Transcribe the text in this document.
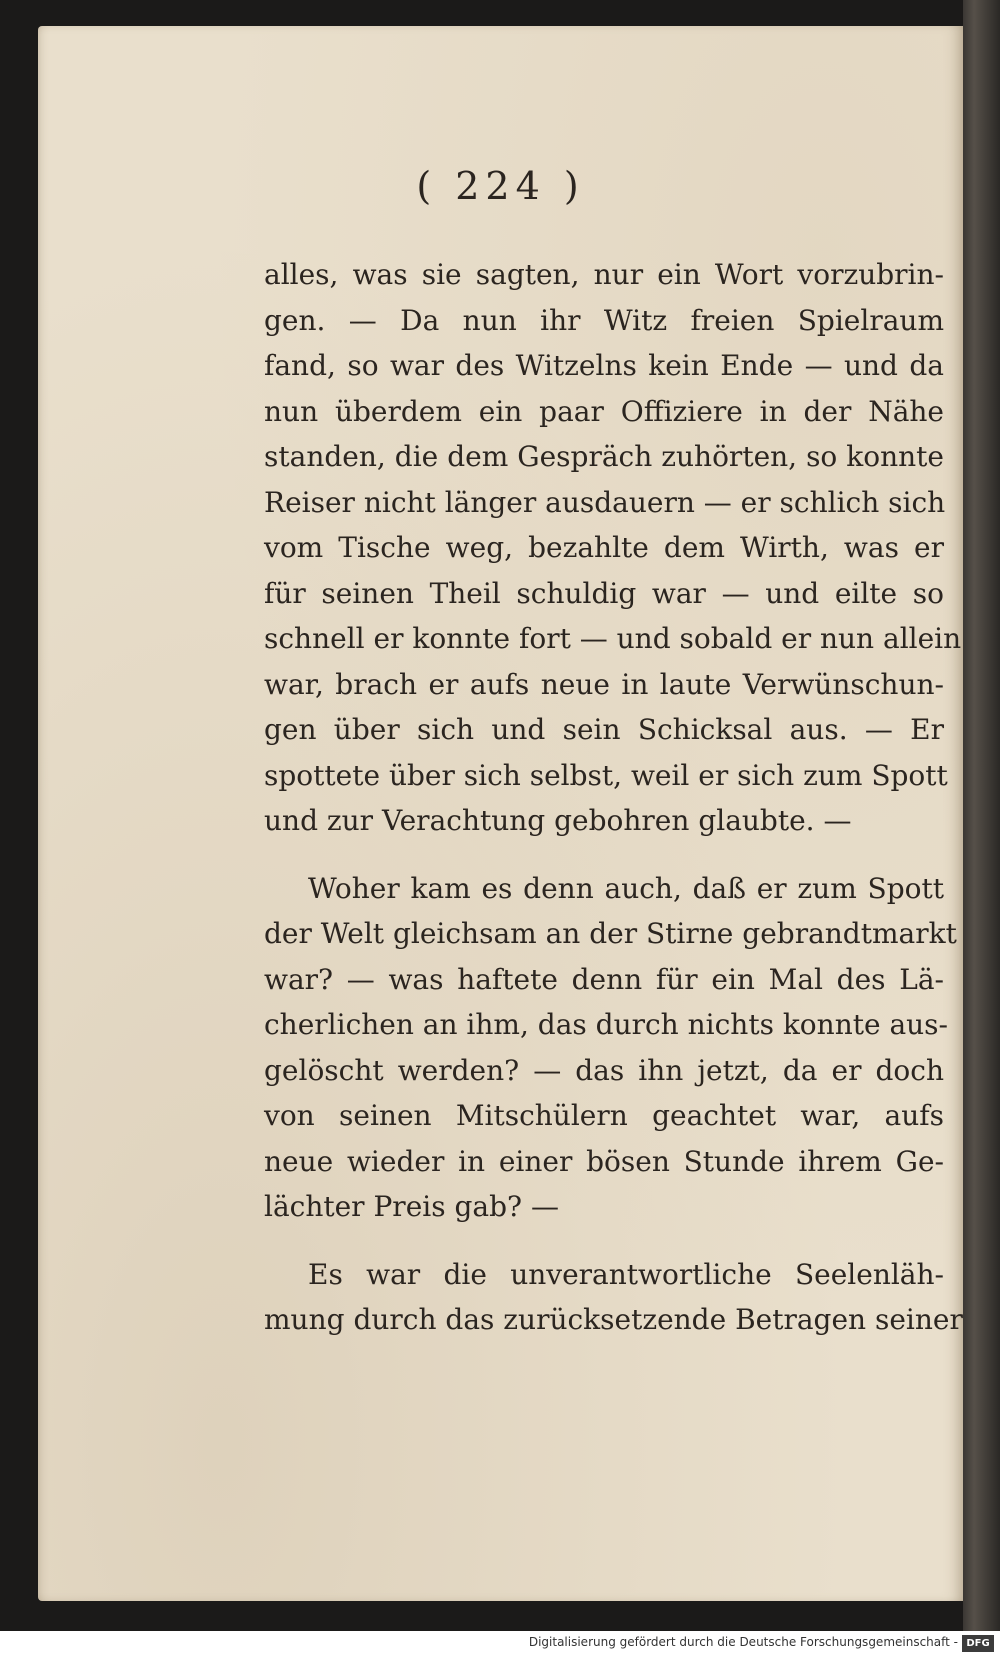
( 224 )

alles, was sie sagten, nur ein Wort vorzubrin-
gen. — Da nun ihr Witz freien Spielraum
fand, so war des Witzelns kein Ende — und da
nun überdem ein paar Offiziere in der Nähe
standen, die dem Gespräch zuhörten, so konnte
Reiser nicht länger ausdauern — er schlich sich
vom Tische weg, bezahlte dem Wirth, was er
für seinen Theil schuldig war — und eilte so
schnell er konnte fort — und sobald er nun allein
war, brach er aufs neue in laute Verwünschun-
gen über sich und sein Schicksal aus. — Er
spottete über sich selbst, weil er sich zum Spott
und zur Verachtung gebohren glaubte. —

Woher kam es denn auch, daß er zum Spott
der Welt gleichsam an der Stirne gebrandtmarkt
war? — was haftete denn für ein Mal des Lä-
cherlichen an ihm, das durch nichts konnte aus-
gelöscht werden? — das ihn jetzt, da er doch
von seinen Mitschülern geachtet war, aufs
neue wieder in einer bösen Stunde ihrem Ge-
lächter Preis gab? —

Es war die unverantwortliche Seelenläh-
mung durch das zurücksetzende Betragen seiner

Digitalisierung gefördert durch die Deutsche Forschungsgemeinschaft - DFG
